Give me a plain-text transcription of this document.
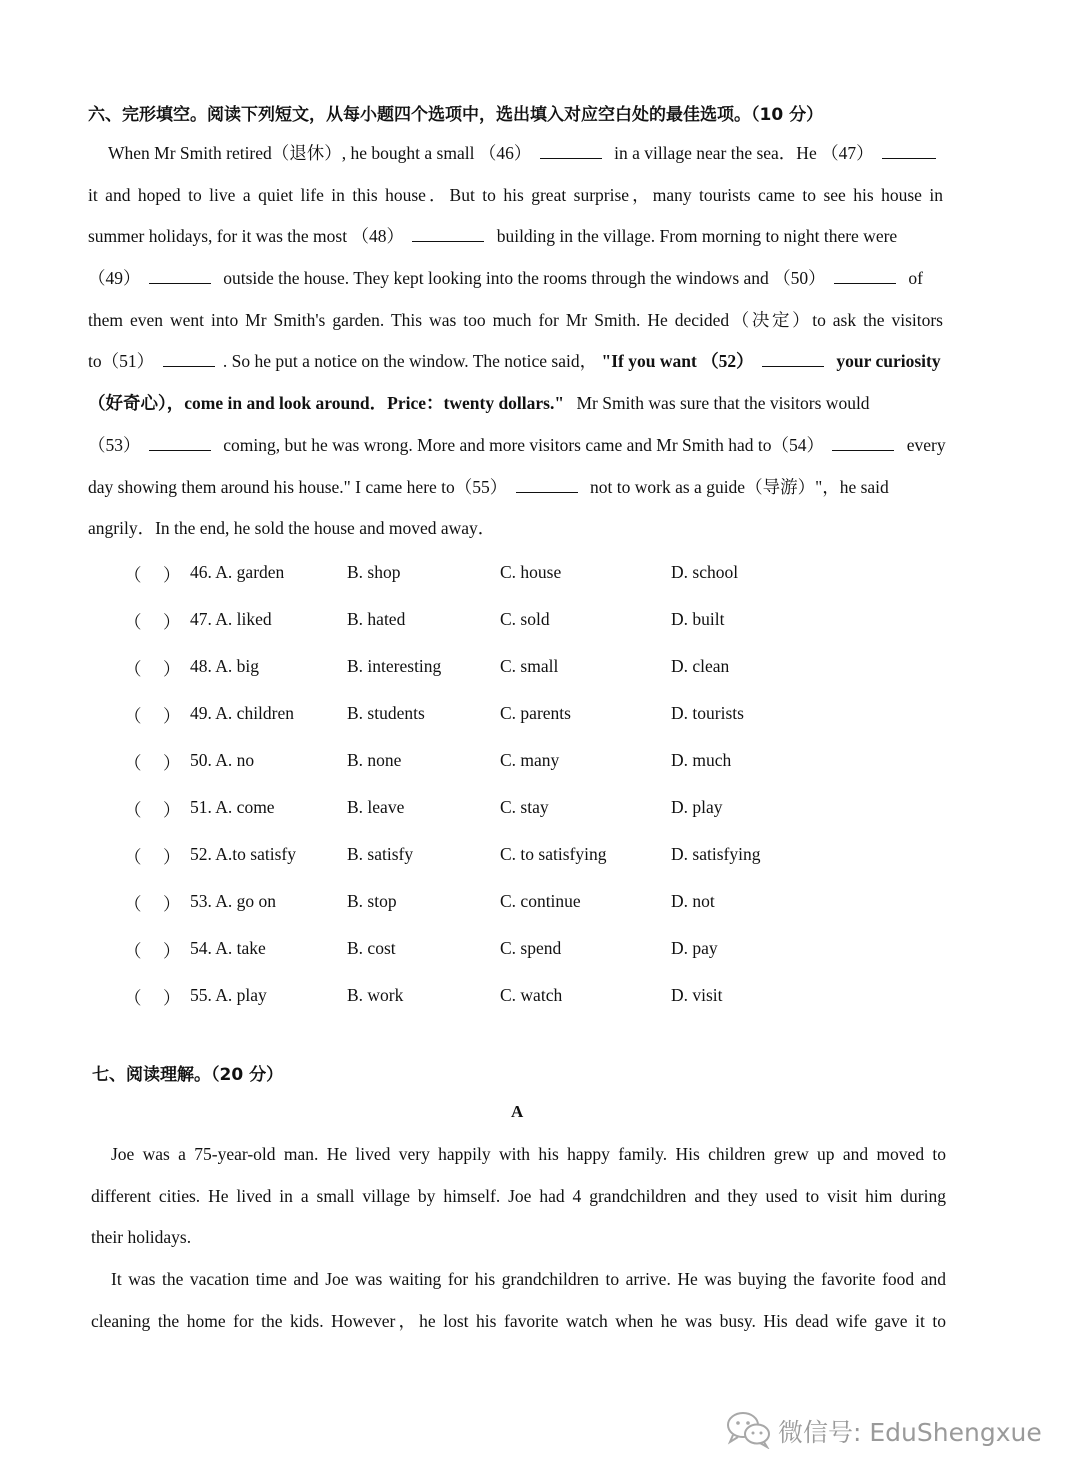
六、完形填空。阅读下列短文，从每小题四个选项中，选出填入对应空白处的最佳选项。（10 分）
When Mr Smith retired（退休）, he bought a small （46）	in a village near the sea．He （47）
it and hoped to live a quiet life in this house．But to his great surprise，many tourists came to see his house in
summer holidays, for it was the most （48）	building in the village. From morning to night there were
（49）	outside the house. They kept looking into the rooms through the windows and （50）	of
them even went into Mr Smith's garden. This was too much for Mr Smith. He decided（决定）to ask the visitors
to（51）	. So he put a notice on the window. The notice said， "If you want （52）	your curiosity
（好奇心），come in and look around．Price：twenty dollars." Mr Smith was sure that the visitors would
（53）	coming, but he was wrong. More and more visitors came and Mr Smith had to（54）	every
day showing them around his house." I came here to（55）	not to work as a guide（导游）"，he said
angrily．In the end, he sold the house and moved away．
（ ） 46. A. garden	B. shop	C. house	D. school
（ ） 47. A. liked	B. hated	C. sold	D. built
（ ） 48. A. big	B. interesting	C. small	D. clean
（ ） 49. A. children	B. students	C. parents	D. tourists
（ ） 50. A. no	B. none	C. many	D. much
（ ） 51. A. come	B. leave	C. stay	D. play
（ ） 52. A.to satisfy	B. satisfy	C. to satisfying	D. satisfying
（ ） 53. A. go on	B. stop	C. continue	D. not
（ ） 54. A. take	B. cost	C. spend	D. pay
（ ） 55. A. play	B. work	C. watch	D. visit
七、阅读理解。（20 分）
A
Joe was a 75-year-old man. He lived very happily with his happy family. His children grew up and moved to
different cities. He lived in a small village by himself. Joe had 4 grandchildren and they used to visit him during
their holidays.
It was the vacation time and Joe was waiting for his grandchildren to arrive. He was buying the favorite food and
cleaning the home for the kids. However，he lost his favorite watch when he was busy. His dead wife gave it to
微信号: EduShengxue
